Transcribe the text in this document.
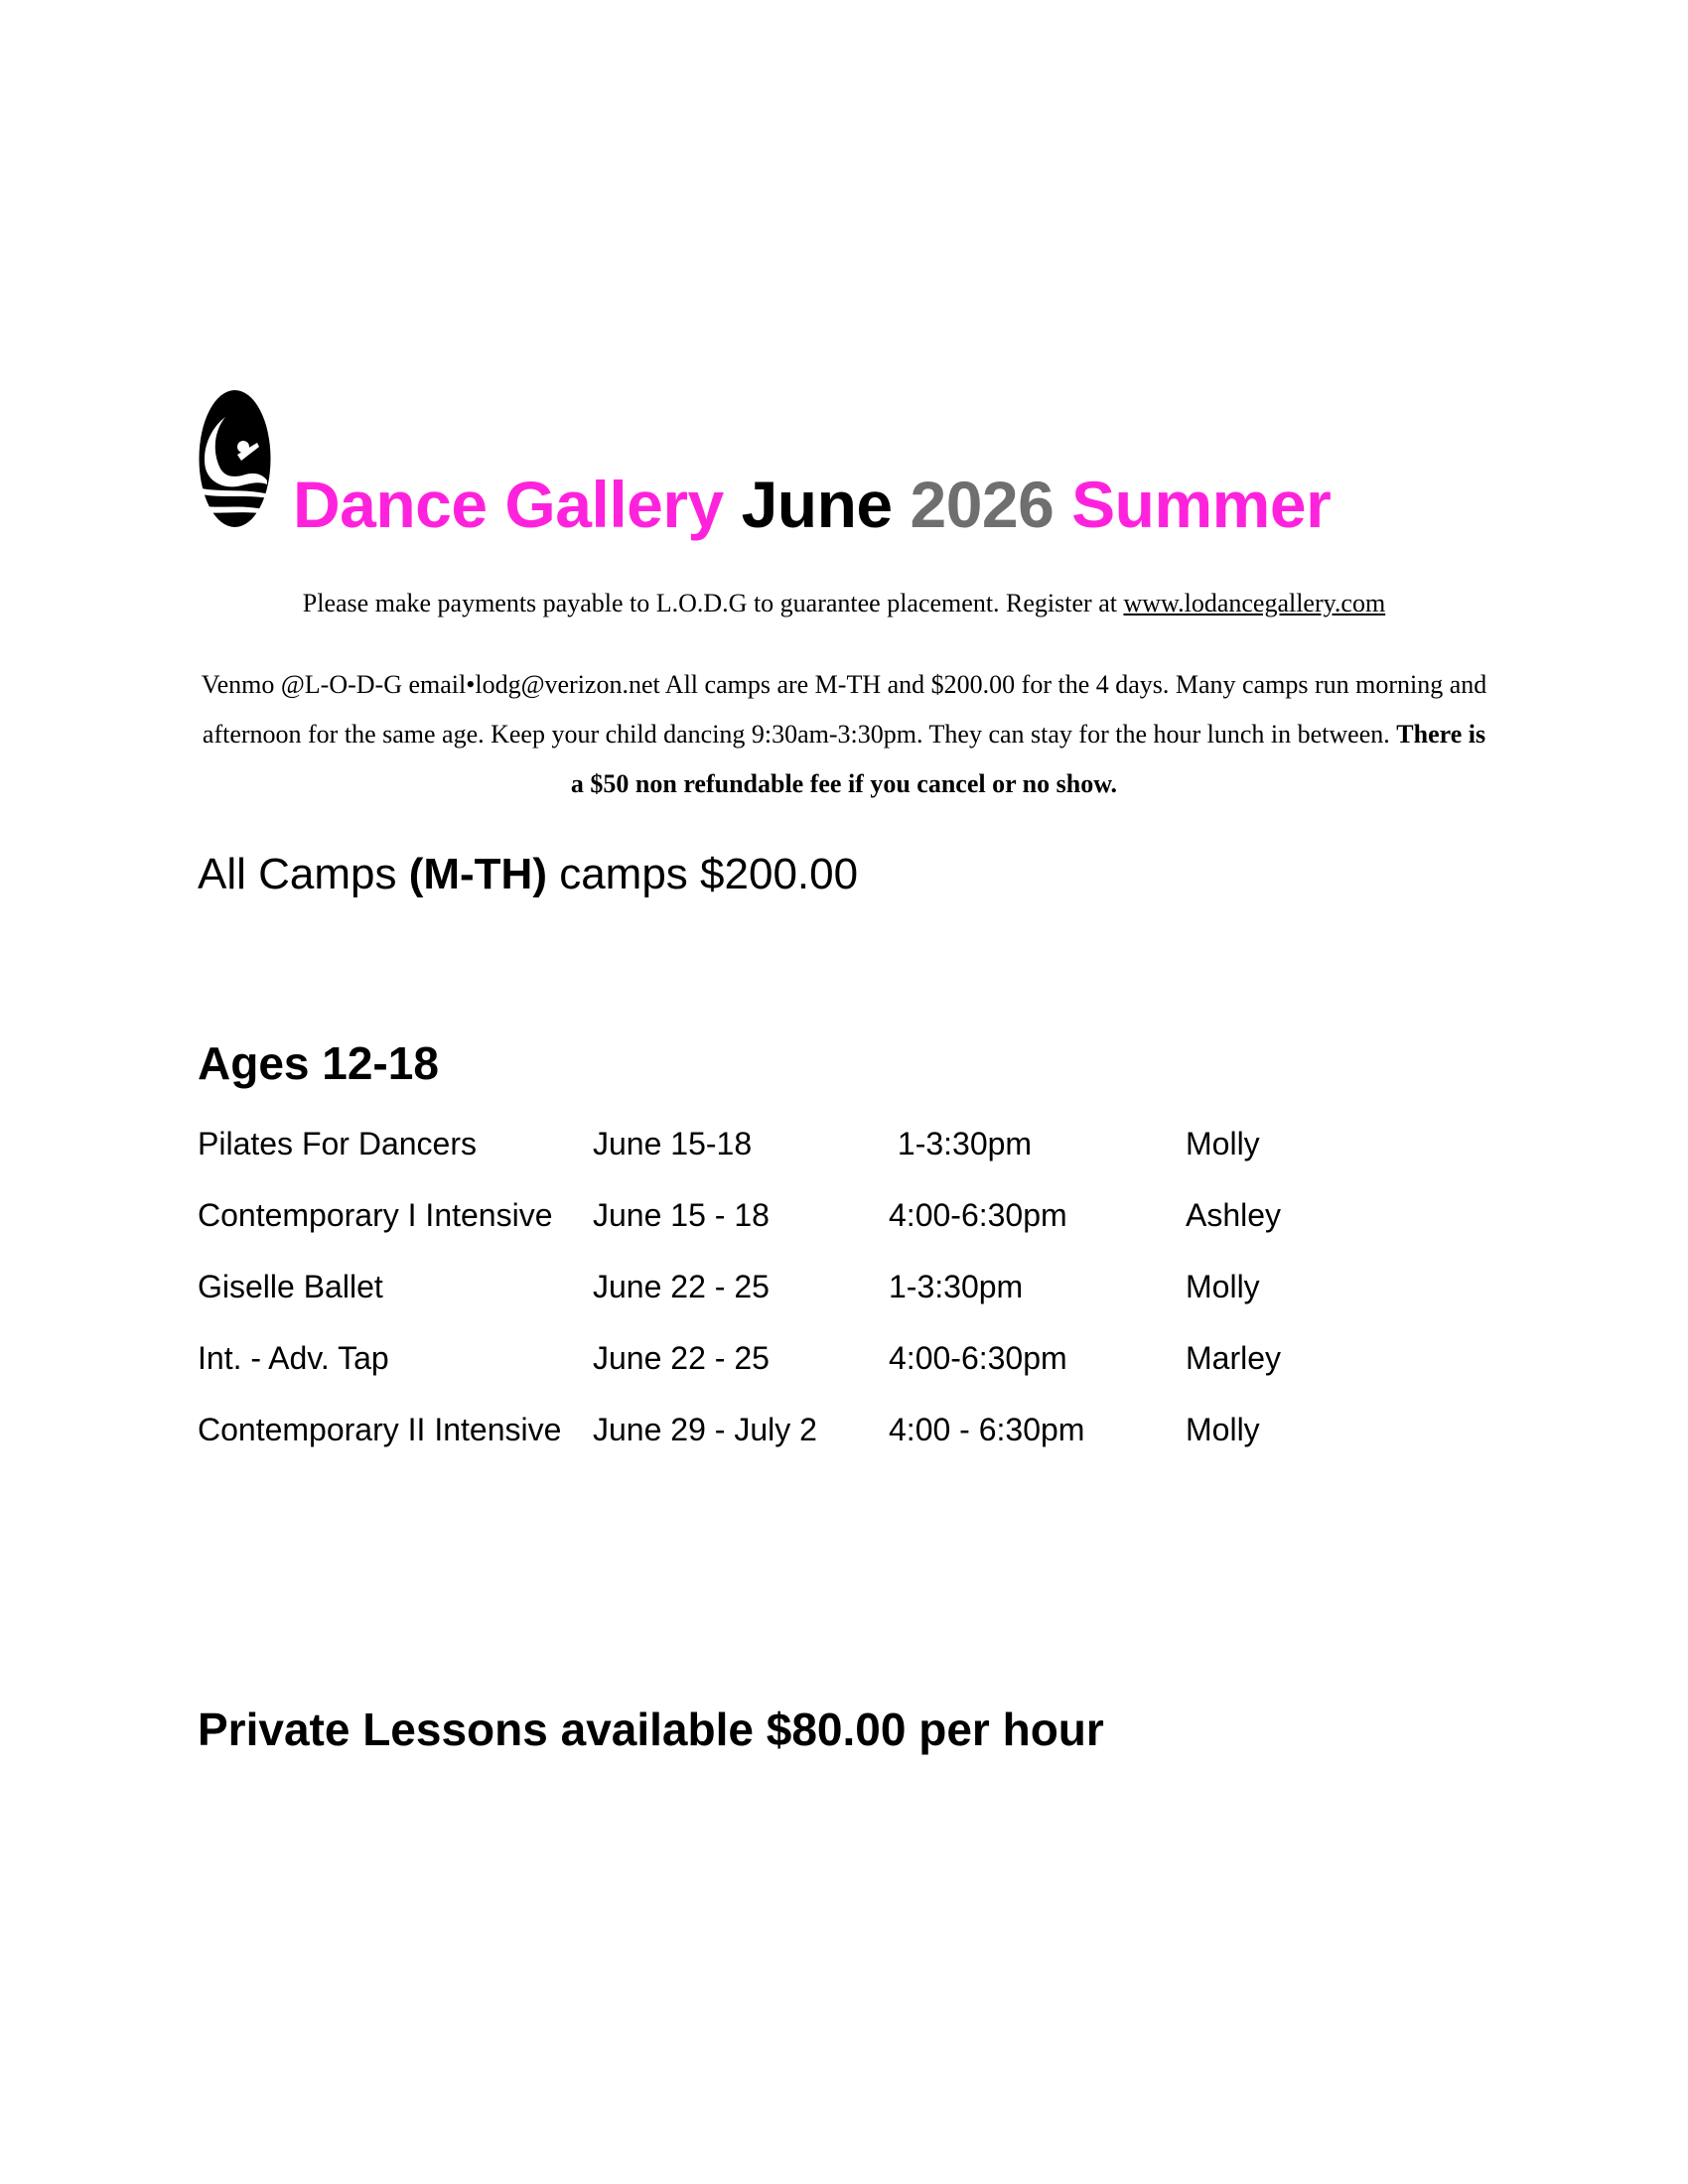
Dance Gallery June 2026 Summer
Please make payments payable to L.O.D.G to guarantee placement. Register at www.lodancegallery.com
Venmo @L-O-D-G email•lodg@verizon.net All camps are M-TH and $200.00 for the 4 days. Many camps run morning and afternoon for the same age. Keep your child dancing 9:30am-3:30pm. They can stay for the hour lunch in between. There is a $50 non refundable fee if you cancel or no show.
All Camps (M-TH) camps $200.00
Ages 12-18
Pilates For Dancers	June 15-18	1-3:30pm	Molly
Contemporary I Intensive June 15 - 18	4:00-6:30pm	Ashley
Giselle Ballet	June 22 - 25	1-3:30pm	Molly
Int. - Adv. Tap	June 22 - 25	4:00-6:30pm	Marley
Contemporary II Intensive June 29 - July 2 4:00 - 6:30pm	Molly
Private Lessons available $80.00 per hour
